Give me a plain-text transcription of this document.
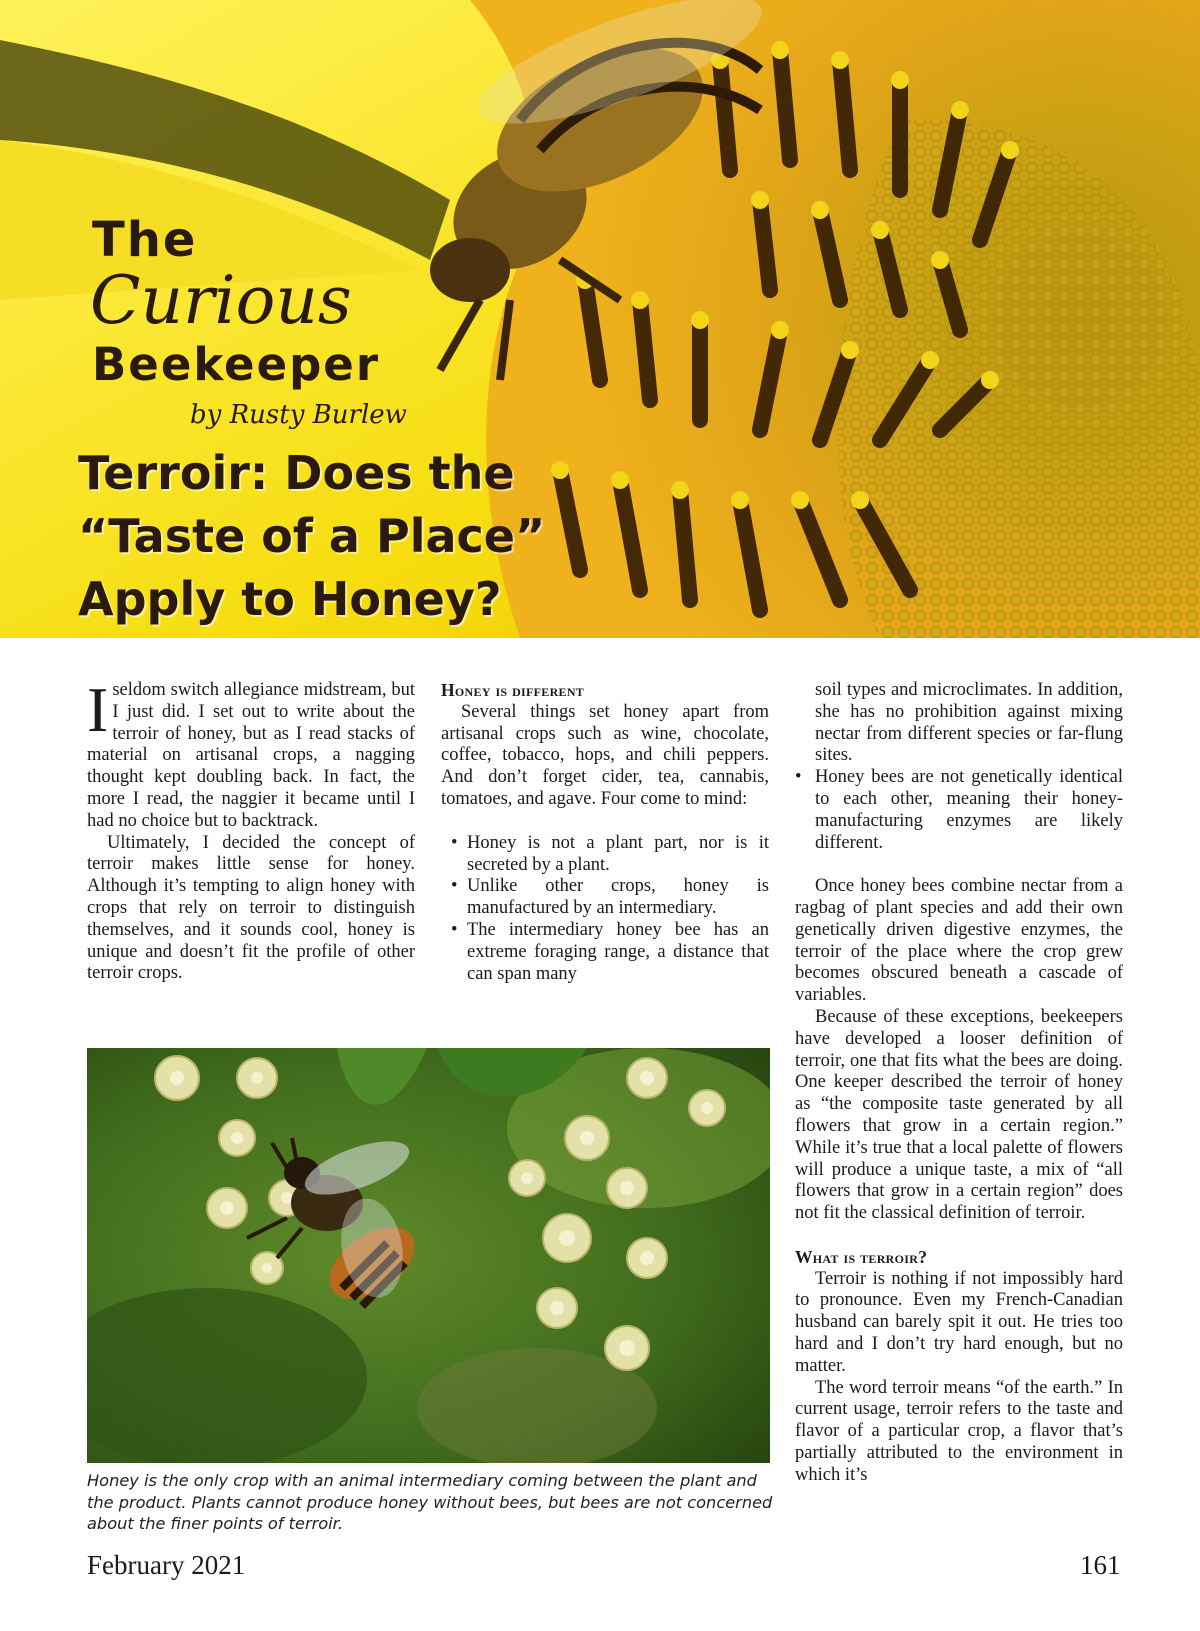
The
Curious
Beekeeper
by Rusty Burlew
Terroir: Does the
“Taste of a Place”
Apply to Honey?

Iseldom switch allegiance midstream, but I just did. I set out to write about the terroir of honey, but as I read stacks of material on artisanal crops, a nagging thought kept doubling back. In fact, the more I read, the naggier it became until I had no choice but to backtrack.

Ultimately, I decided the concept of terroir makes little sense for honey. Although it’s tempting to align honey with crops that rely on terroir to distinguish themselves, and it sounds cool, honey is unique and doesn’t fit the profile of other terroir crops.

Honey is different

Several things set honey apart from artisanal crops such as wine, chocolate, coffee, tobacco, hops, and chili peppers. And don’t forget cider, tea, cannabis, tomatoes, and agave. Four come to mind:

• Honey is not a plant part, nor is it secreted by a plant.
• Unlike other crops, honey is manufactured by an intermediary.
• The intermediary honey bee has an extreme foraging range, a distance that can span many
Honey is the only crop with an animal intermediary coming between the plant and the product. Plants cannot produce honey without bees, but bees are not concerned about the finer points of terroir.
soil types and microclimates. In addition, she has no prohibition against mixing nectar from different species or far-flung sites.
• Honey bees are not genetically identical to each other, meaning their honey-manufacturing enzymes are likely different.

Once honey bees combine nectar from a ragbag of plant species and add their own genetically driven digestive enzymes, the terroir of the place where the crop grew becomes obscured beneath a cascade of variables.

Because of these exceptions, beekeepers have developed a looser definition of terroir, one that fits what the bees are doing. One keeper described the terroir of honey as “the composite taste generated by all flowers that grow in a certain region.” While it’s true that a local palette of flowers will produce a unique taste, a mix of “all flowers that grow in a certain region” does not fit the classical definition of terroir.

What is terroir?

Terroir is nothing if not impossibly hard to pronounce. Even my French-Canadian husband can barely spit it out. He tries too hard and I don’t try hard enough, but no matter.

The word terroir means “of the earth.” In current usage, terroir refers to the taste and flavor of a particular crop, a flavor that’s partially attributed to the environment in which it’s

February 2021	161
